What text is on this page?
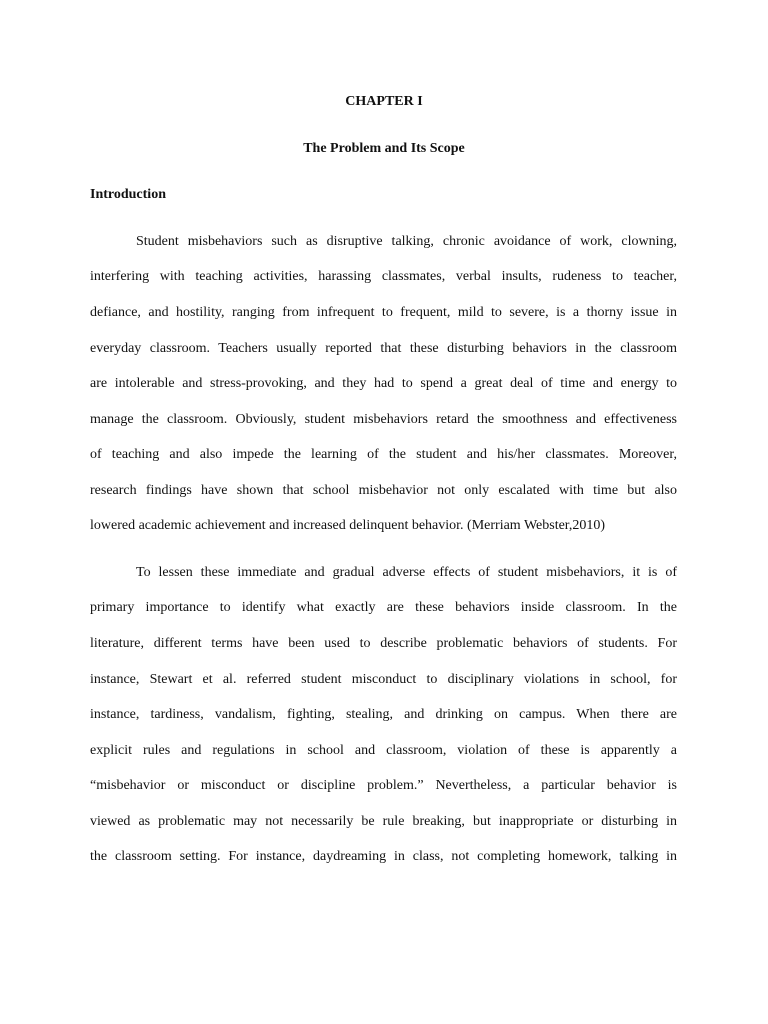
CHAPTER I
The Problem and Its Scope
Introduction
Student misbehaviors such as disruptive talking, chronic avoidance of work, clowning,
interfering with teaching activities, harassing classmates, verbal insults, rudeness to teacher,
defiance, and hostility, ranging from infrequent to frequent, mild to severe, is a thorny issue in
everyday classroom. Teachers usually reported that these disturbing behaviors in the classroom
are intolerable and stress-provoking, and they had to spend a great deal of time and energy to
manage the classroom. Obviously, student misbehaviors retard the smoothness and effectiveness
of teaching and also impede the learning of the student and his/her classmates. Moreover,
research findings have shown that school misbehavior not only escalated with time but also
lowered academic achievement and increased delinquent behavior. (Merriam Webster,2010)
To lessen these immediate and gradual adverse effects of student misbehaviors, it is of
primary importance to identify what exactly are these behaviors inside classroom. In the
literature, different terms have been used to describe problematic behaviors of students. For
instance, Stewart et al. referred student misconduct to disciplinary violations in school, for
instance, tardiness, vandalism, fighting, stealing, and drinking on campus. When there are
explicit rules and regulations in school and classroom, violation of these is apparently a
“misbehavior or misconduct or discipline problem.” Nevertheless, a particular behavior is
viewed as problematic may not necessarily be rule breaking, but inappropriate or disturbing in
the classroom setting. For instance, daydreaming in class, not completing homework, talking in
